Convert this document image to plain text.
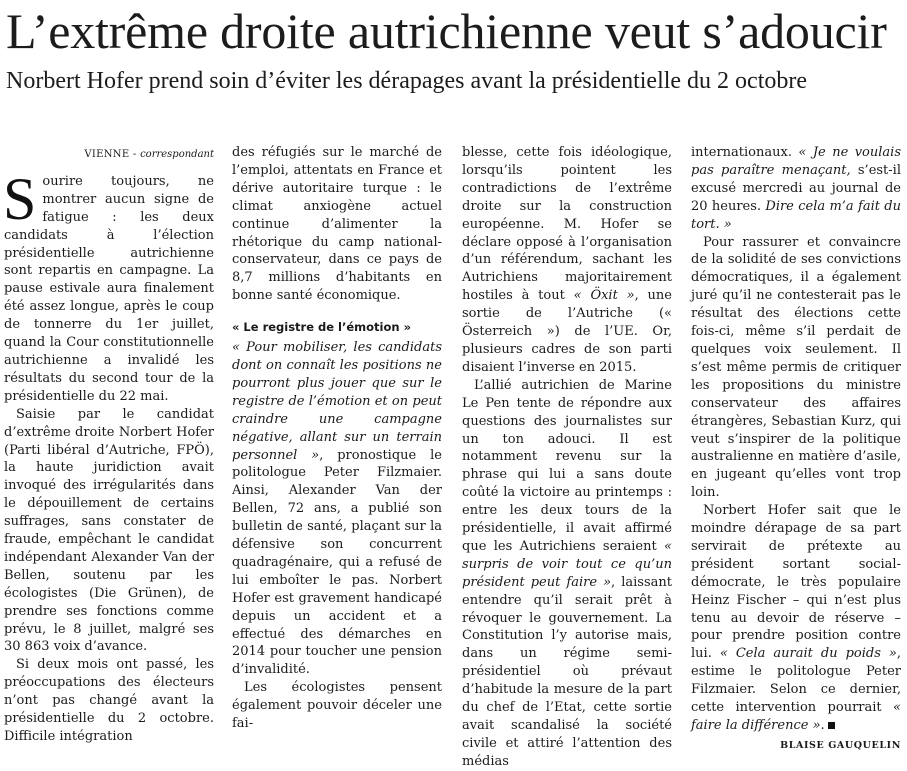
L’extrême droite autrichienne veut s’adoucir
Norbert Hofer prend soin d’éviter les dérapages avant la présidentielle du 2 octobre
VIENNE - correspondant

Sourire toujours, ne montrer aucun signe de fatigue : les deux candidats à l’élection présidentielle autrichienne sont repartis en campagne. La pause estivale aura finalement été assez longue, après le coup de tonnerre du 1er juillet, quand la Cour constitutionnelle autrichienne a invalidé les résultats du second tour de la présidentielle du 22 mai.

Saisie par le candidat d’extrême droite Norbert Hofer (Parti libéral d’Autriche, FPÖ), la haute juridiction avait invoqué des irrégularités dans le dépouillement de certains suffrages, sans constater de fraude, empêchant le candidat indépendant Alexander Van der Bellen, soutenu par les écologistes (Die Grünen), de prendre ses fonctions comme prévu, le 8 juillet, malgré ses 30 863 voix d’avance.

Si deux mois ont passé, les préoccupations des électeurs n’ont pas changé avant la présidentielle du 2 octobre. Difficile intégration

des réfugiés sur le marché de l’emploi, attentats en France et dérive autoritaire turque : le climat anxiogène actuel continue d’alimenter la rhétorique du camp national-conservateur, dans ce pays de 8,7 millions d’habitants en bonne santé économique.

« Le registre de l’émotion »

« Pour mobiliser, les candidats dont on connaît les positions ne pourront plus jouer que sur le registre de l’émotion et on peut craindre une campagne négative, allant sur un terrain personnel », pronostique le politologue Peter Filzmaier. Ainsi, Alexander Van der Bellen, 72 ans, a publié son bulletin de santé, plaçant sur la défensive son concurrent quadragénaire, qui a refusé de lui emboîter le pas. Norbert Hofer est gravement handicapé depuis un accident et a effectué des démarches en 2014 pour toucher une pension d’invalidité.

Les écologistes pensent également pouvoir déceler une fai-

blesse, cette fois idéologique, lorsqu’ils pointent les contradictions de l’extrême droite sur la construction européenne. M. Hofer se déclare opposé à l’organisation d’un référendum, sachant les Autrichiens majoritairement hostiles à tout « Öxit », une sortie de l’Autriche (« Österreich ») de l’UE. Or, plusieurs cadres de son parti disaient l’inverse en 2015.

L’allié autrichien de Marine Le Pen tente de répondre aux questions des journalistes sur un ton adouci. Il est notamment revenu sur la phrase qui lui a sans doute coûté la victoire au printemps : entre les deux tours de la présidentielle, il avait affirmé que les Autrichiens seraient « surpris de voir tout ce qu’un président peut faire », laissant entendre qu’il serait prêt à révoquer le gouvernement. La Constitution l’y autorise mais, dans un régime semi-présidentiel où prévaut d’habitude la mesure de la part du chef de l’Etat, cette sortie avait scandalisé la société civile et attiré l’attention des médias

internationaux. « Je ne voulais pas paraître menaçant, s’est-il excusé mercredi au journal de 20 heures. Dire cela m’a fait du tort. »

Pour rassurer et convaincre de la solidité de ses convictions démocratiques, il a également juré qu’il ne contesterait pas le résultat des élections cette fois-ci, même s’il perdait de quelques voix seulement. Il s’est même permis de critiquer les propositions du ministre conservateur des affaires étrangères, Sebastian Kurz, qui veut s’inspirer de la politique australienne en matière d’asile, en jugeant qu’elles vont trop loin.

Norbert Hofer sait que le moindre dérapage de sa part servirait de prétexte au président sortant social-démocrate, le très populaire Heinz Fischer – qui n’est plus tenu au devoir de réserve – pour prendre position contre lui. « Cela aurait du poids », estime le politologue Peter Filzmaier. Selon ce dernier, cette intervention pourrait « faire la différence ».

BLAISE GAUQUELIN
